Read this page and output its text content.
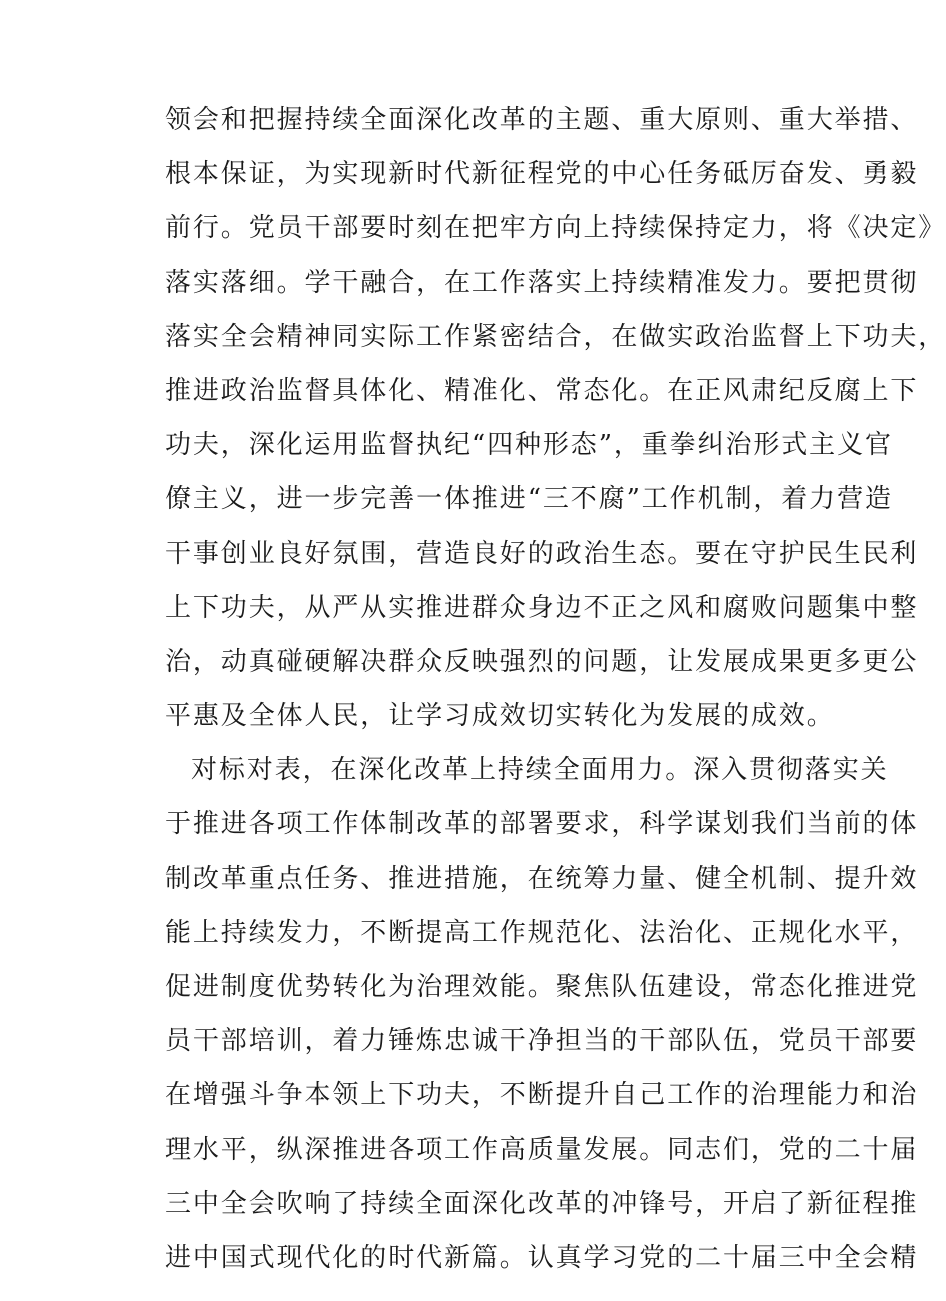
领会和把握持续全面深化改革的主题、重大原则、重大举措、
根本保证，为实现新时代新征程党的中心任务砥厉奋发、勇毅
前行。党员干部要时刻在把牢方向上持续保持定力，将《决定》
落实落细。学干融合，在工作落实上持续精准发力。要把贯彻
落实全会精神同实际工作紧密结合，在做实政治监督上下功夫，
推进政治监督具体化、精准化、常态化。在正风肃纪反腐上下
功夫，深化运用监督执纪“四种形态”，重拳纠治形式主义官
僚主义，进一步完善一体推进“三不腐”工作机制，着力营造
干事创业良好氛围，营造良好的政治生态。要在守护民生民利
上下功夫，从严从实推进群众身边不正之风和腐败问题集中整
治，动真碰硬解决群众反映强烈的问题，让发展成果更多更公
平惠及全体人民，让学习成效切实转化为发展的成效。
对标对表，在深化改革上持续全面用力。深入贯彻落实关
于推进各项工作体制改革的部署要求，科学谋划我们当前的体
制改革重点任务、推进措施，在统筹力量、健全机制、提升效
能上持续发力，不断提高工作规范化、法治化、正规化水平，
促进制度优势转化为治理效能。聚焦队伍建设，常态化推进党
员干部培训，着力锤炼忠诚干净担当的干部队伍，党员干部要
在增强斗争本领上下功夫，不断提升自己工作的治理能力和治
理水平，纵深推进各项工作高质量发展。同志们，党的二十届
三中全会吹响了持续全面深化改革的冲锋号，开启了新征程推
进中国式现代化的时代新篇。认真学习党的二十届三中全会精
